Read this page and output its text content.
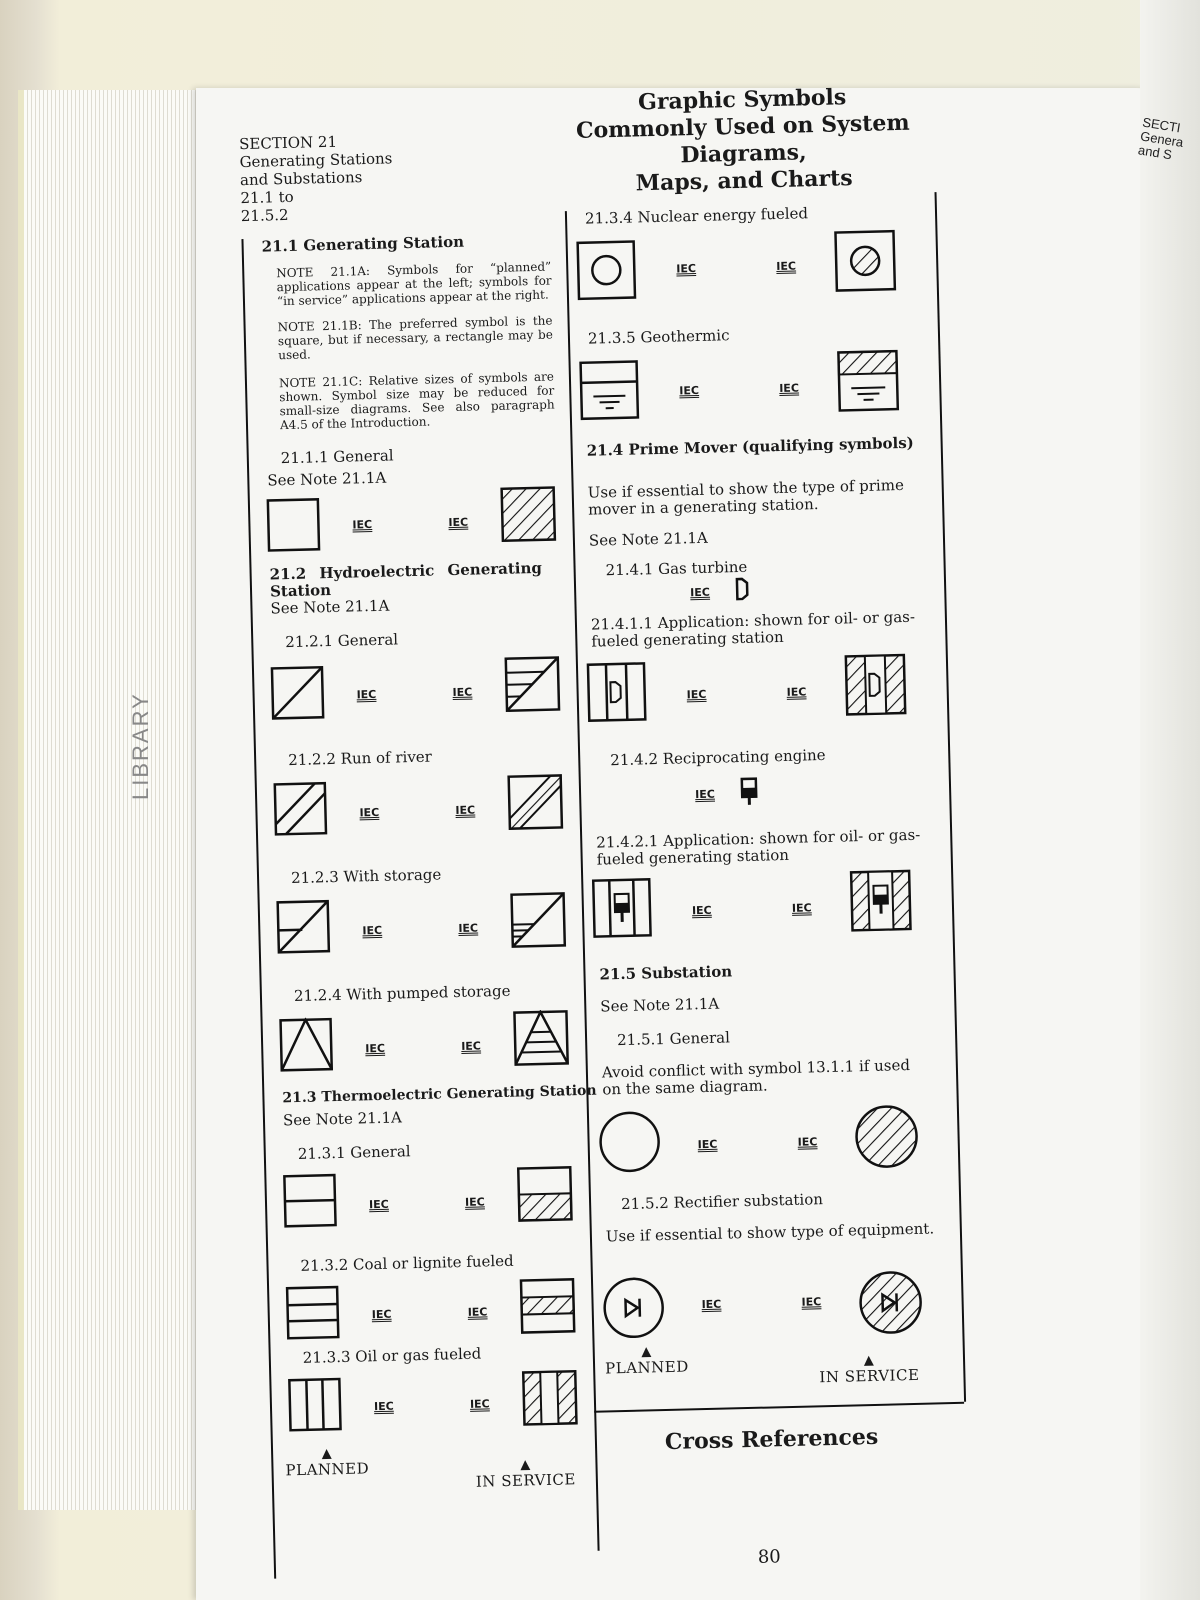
LIBRARY
SECTI Genera and S
SECTION 21
Generating Stations
and Substations
21.1 to
21.5.2
Graphic Symbols
Commonly Used on System Diagrams,
Maps, and Charts
21.1 Generating Station
NOTE 21.1A: Symbols for “planned” applications appear at the left; symbols for “in service” applications appear at the right.
NOTE 21.1B: The preferred symbol is the square, but if necessary, a rectangle may be used.
NOTE 21.1C: Relative sizes of symbols are shown. Symbol size may be reduced for small-size diagrams. See also paragraph A4.5 of the Introduction.
21.1.1 General
See Note 21.1A
IEC	IEC
21.2 Hydroelectric Generating Station
See Note 21.1A
21.2.1 General
IEC	IEC
21.2.2 Run of river
IEC	IEC
21.2.3 With storage
IEC	IEC
21.2.4 With pumped storage
IEC	IEC
21.3 Thermoelectric Generating Station
See Note 21.1A
21.3.1 General
IEC	IEC
21.3.2 Coal or lignite fueled
IEC	IEC
21.3.3 Oil or gas fueled
IEC	IEC
▲
PLANNED	▲
IN SERVICE
21.3.4 Nuclear energy fueled
IEC	IEC
21.3.5 Geothermic
IEC	IEC
21.4 Prime Mover (qualifying symbols)
Use if essential to show the type of prime mover in a generating station.
See Note 21.1A
21.4.1 Gas turbine
IEC
21.4.1.1 Application: shown for oil- or gas-fueled generating station
IEC	IEC
21.4.2 Reciprocating engine
IEC
21.4.2.1 Application: shown for oil- or gas-fueled generating station
IEC	IEC
21.5 Substation
See Note 21.1A
21.5.1 General
Avoid conflict with symbol 13.1.1 if used on the same diagram.
IEC	IEC
21.5.2 Rectifier substation
Use if essential to show type of equipment.
IEC	IEC
▲
PLANNED	▲
IN SERVICE
Cross References
80
